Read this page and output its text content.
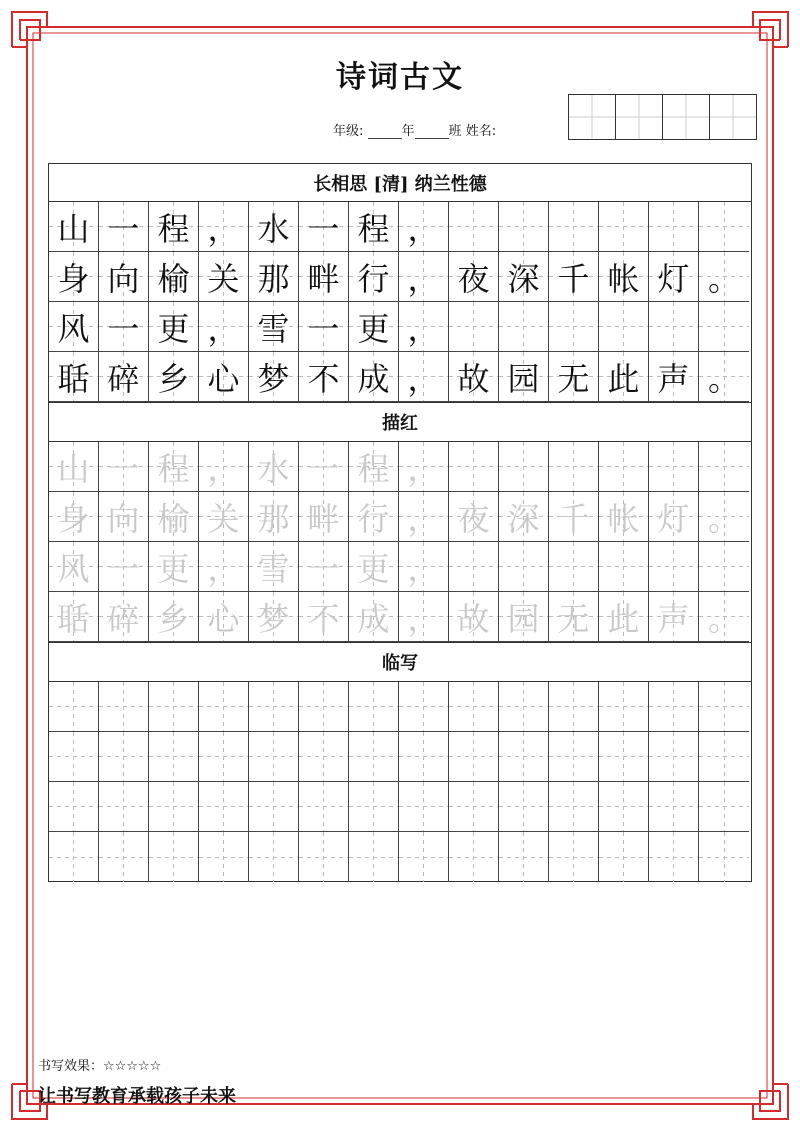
诗词古文
年级:	年	班 姓名:
长相思 [清] 纳兰性德
山 一 程 ， 水 一 程 ，
身 向 榆 关 那 畔 行 ， 夜 深 千 帐 灯 。
风 一 更 ， 雪 一 更 ，
聒 碎 乡 心 梦 不 成 ， 故 园 无 此 声 。
描红
山 一 程 ， 水 一 程 ，
身 向 榆 关 那 畔 行 ， 夜 深 千 帐 灯 。
风 一 更 ， 雪 一 更 ，
聒 碎 乡 心 梦 不 成 ， 故 园 无 此 声 。
临写
书写效果：☆☆☆☆☆
让书写教育承载孩子未来
